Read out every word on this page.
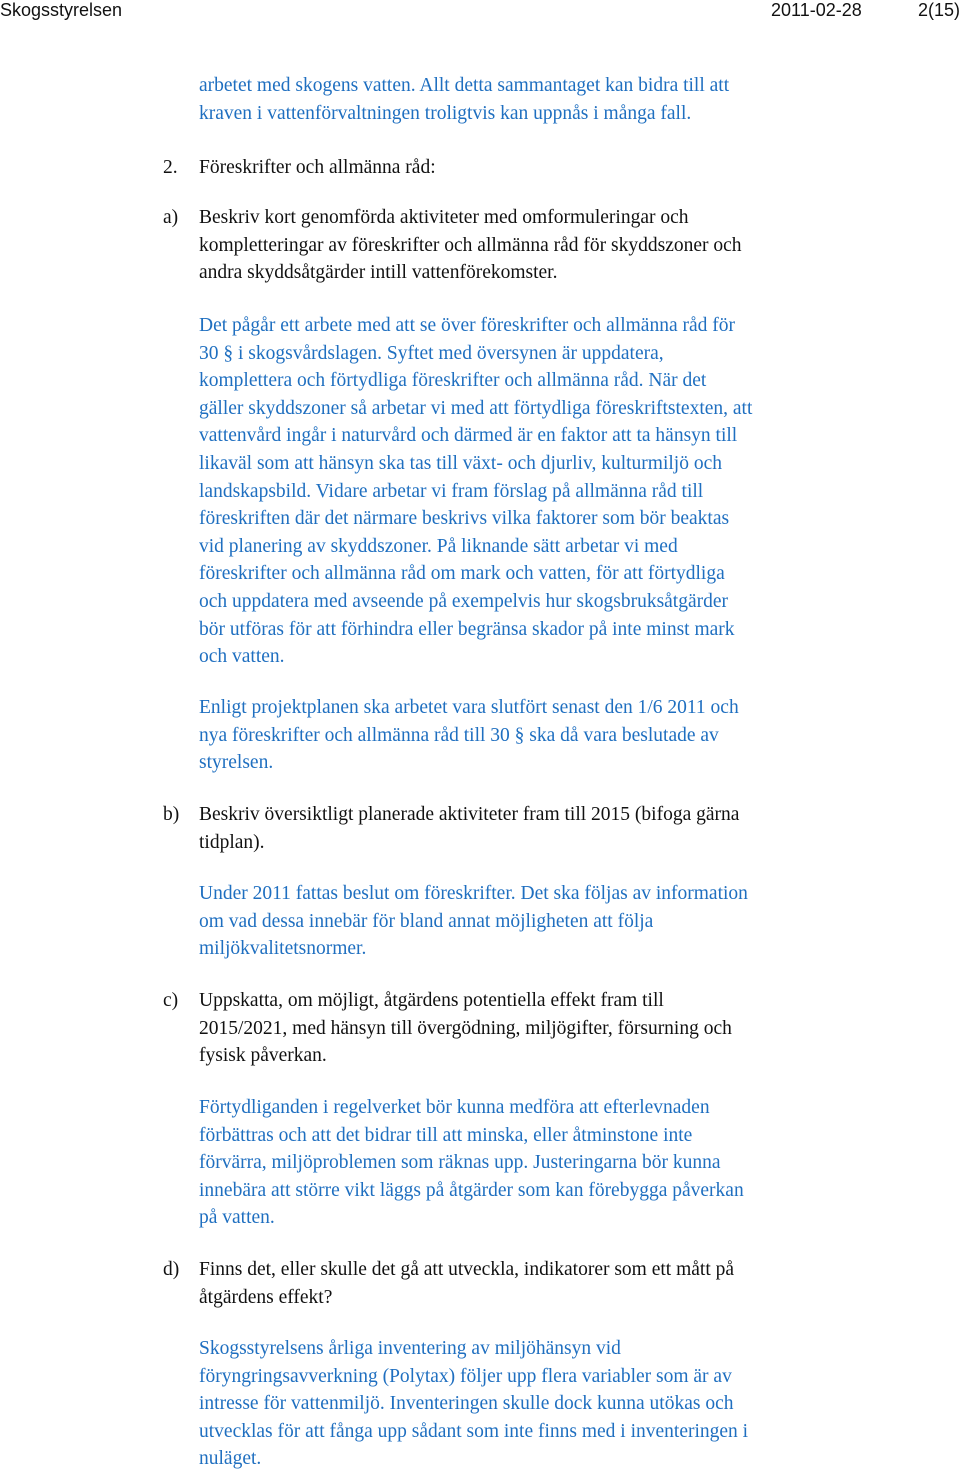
Skogsstyrelsen	2011-02-28	2(15)
arbetet med skogens vatten. Allt detta sammantaget kan bidra till att
kraven i vattenförvaltningen troligtvis kan uppnås i många fall.
2. Föreskrifter och allmänna råd:
a) Beskriv kort genomförda aktiviteter med omformuleringar och
kompletteringar av föreskrifter och allmänna råd för skyddszoner och
andra skyddsåtgärder intill vattenförekomster.
Det pågår ett arbete med att se över föreskrifter och allmänna råd för
30 § i skogsvårdslagen. Syftet med översynen är uppdatera,
komplettera och förtydliga föreskrifter och allmänna råd. När det
gäller skyddszoner så arbetar vi med att förtydliga föreskriftstexten, att
vattenvård ingår i naturvård och därmed är en faktor att ta hänsyn till
likaväl som att hänsyn ska tas till växt- och djurliv, kulturmiljö och
landskapsbild. Vidare arbetar vi fram förslag på allmänna råd till
föreskriften där det närmare beskrivs vilka faktorer som bör beaktas
vid planering av skyddszoner. På liknande sätt arbetar vi med
föreskrifter och allmänna råd om mark och vatten, för att förtydliga
och uppdatera med avseende på exempelvis hur skogsbruksåtgärder
bör utföras för att förhindra eller begränsa skador på inte minst mark
och vatten.
Enligt projektplanen ska arbetet vara slutfört senast den 1/6 2011 och
nya föreskrifter och allmänna råd till 30 § ska då vara beslutade av
styrelsen.
b) Beskriv översiktligt planerade aktiviteter fram till 2015 (bifoga gärna
tidplan).
Under 2011 fattas beslut om föreskrifter. Det ska följas av information
om vad dessa innebär för bland annat möjligheten att följa
miljökvalitetsnormer.
c) Uppskatta, om möjligt, åtgärdens potentiella effekt fram till
2015/2021, med hänsyn till övergödning, miljögifter, försurning och
fysisk påverkan.
Förtydliganden i regelverket bör kunna medföra att efterlevnaden
förbättras och att det bidrar till att minska, eller åtminstone inte
förvärra, miljöproblemen som räknas upp. Justeringarna bör kunna
innebära att större vikt läggs på åtgärder som kan förebygga påverkan
på vatten.
d) Finns det, eller skulle det gå att utveckla, indikatorer som ett mått på
åtgärdens effekt?
Skogsstyrelsens årliga inventering av miljöhänsyn vid
föryngringsavverkning (Polytax) följer upp flera variabler som är av
intresse för vattenmiljö. Inventeringen skulle dock kunna utökas och
utvecklas för att fånga upp sådant som inte finns med i inventeringen i
nuläget.
